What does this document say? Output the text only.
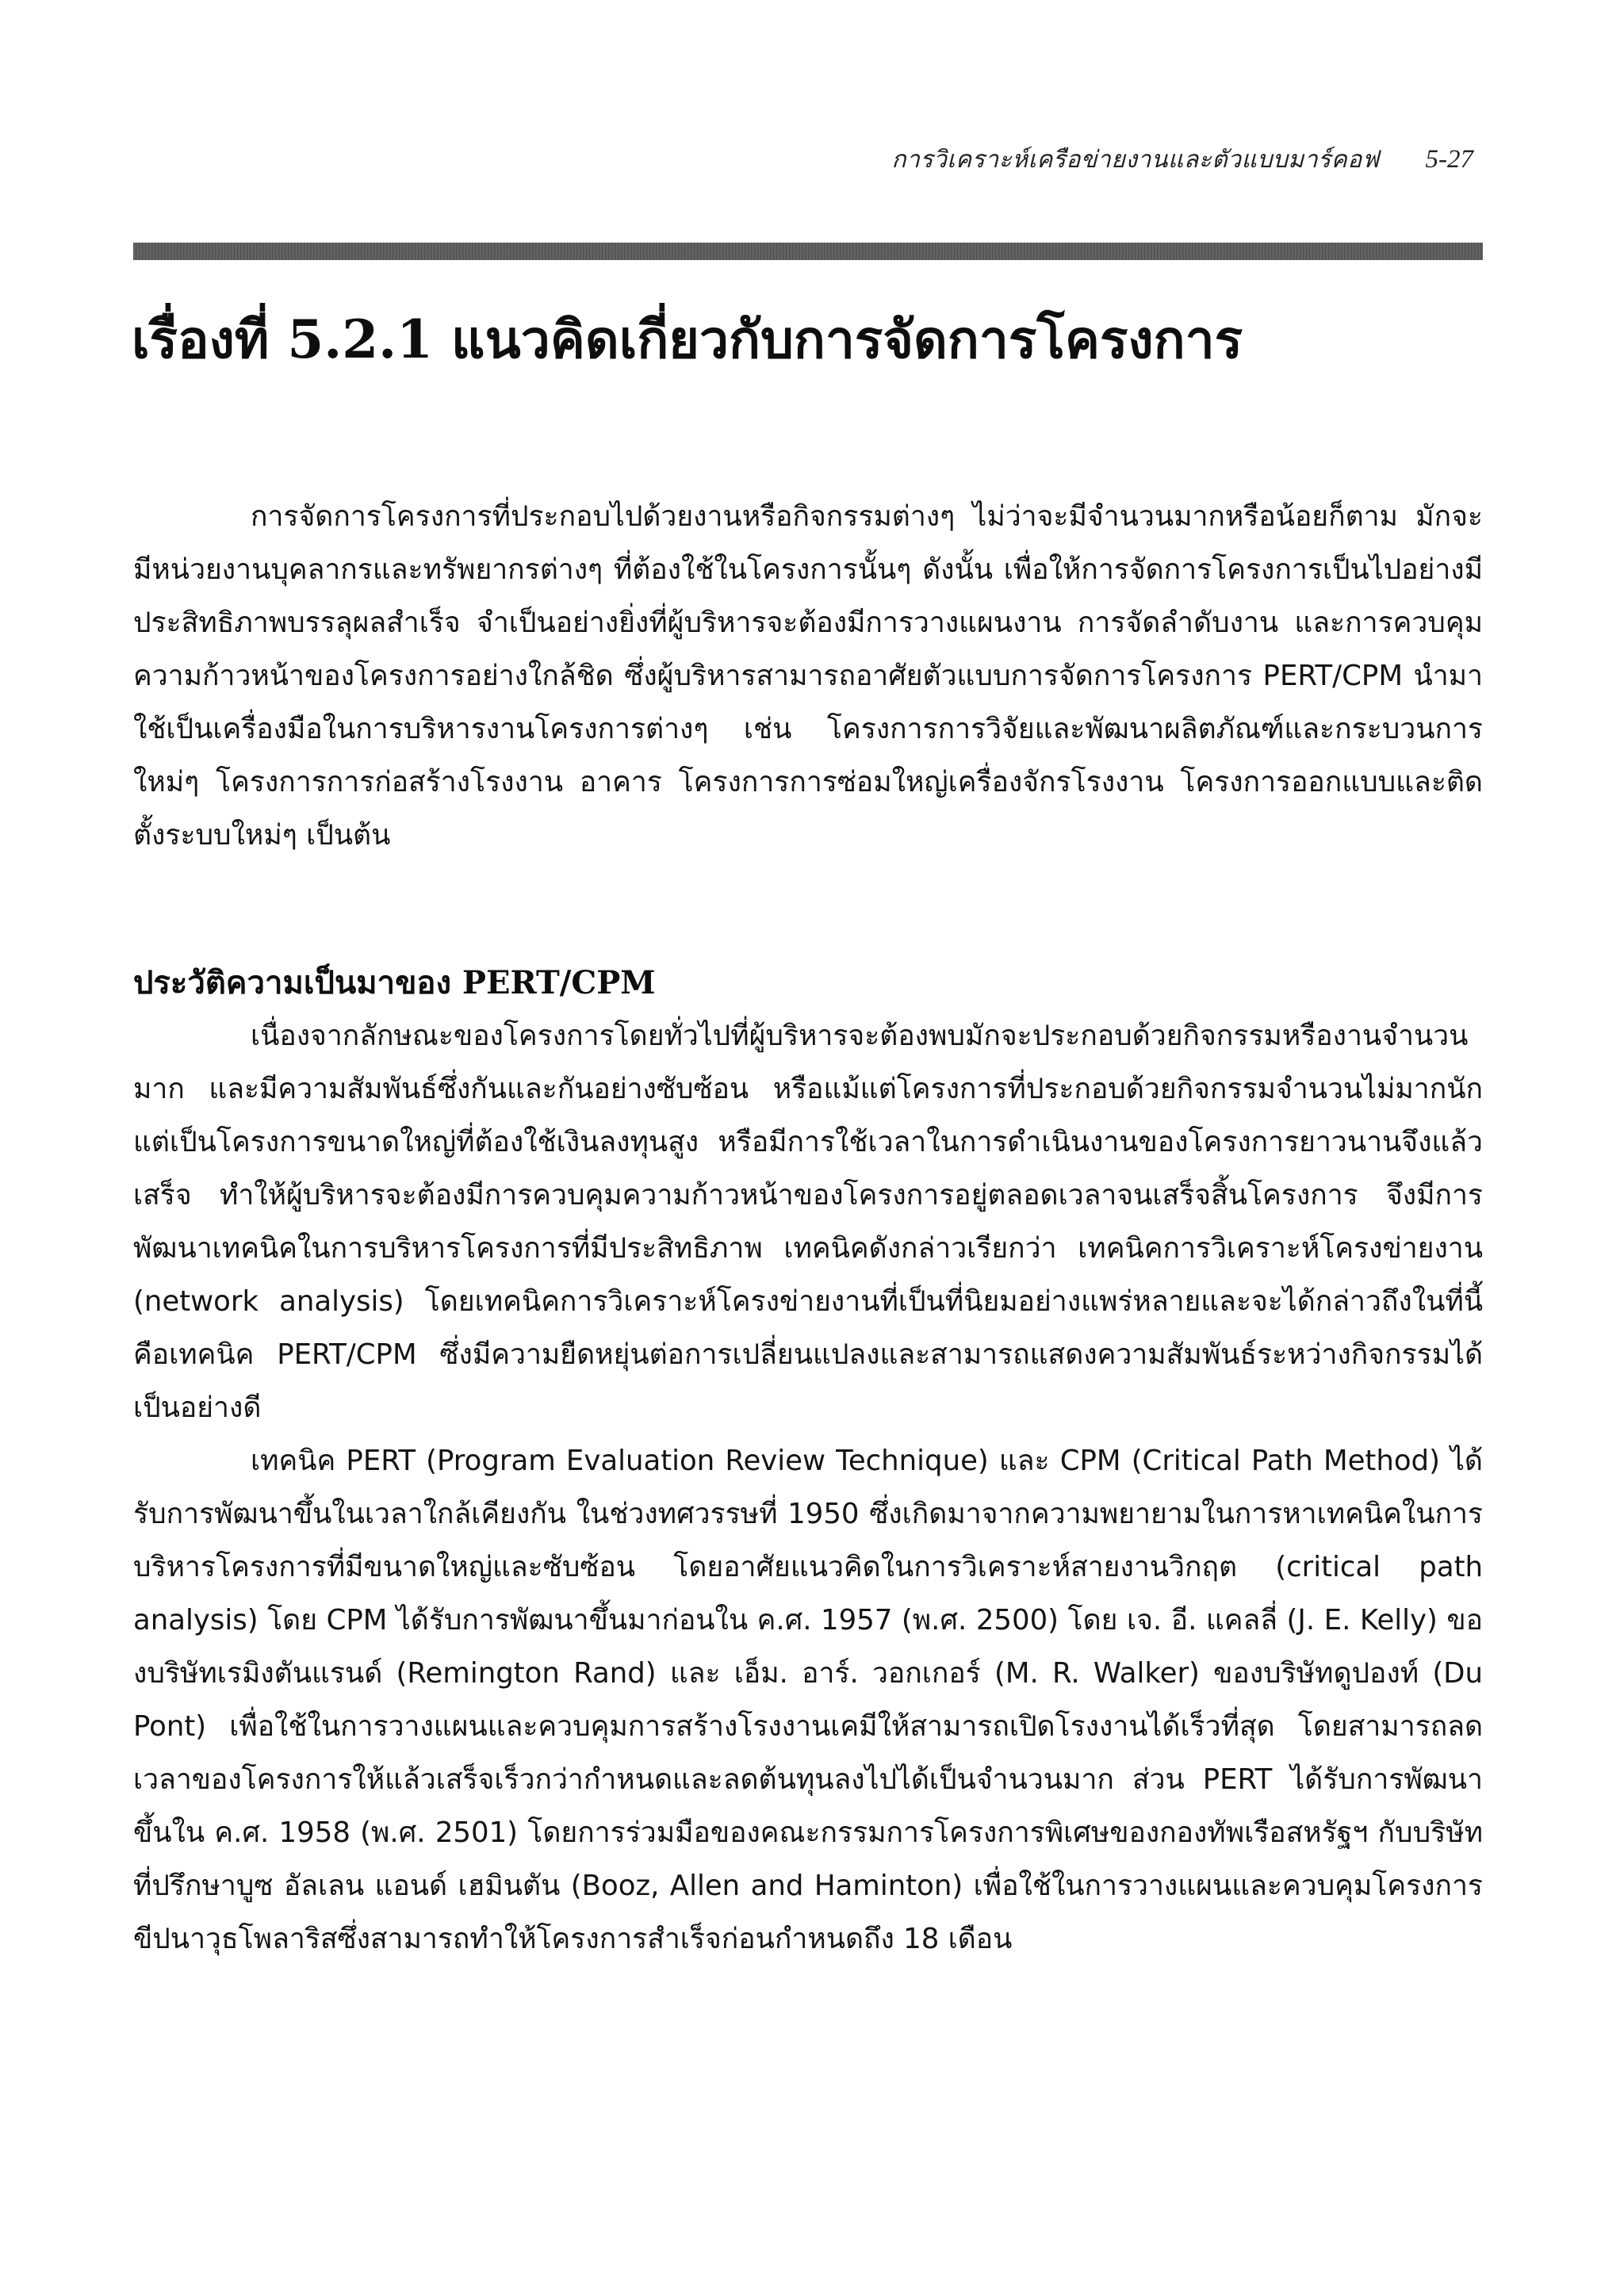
การวิเคราะห์เครือข่ายงานและตัวแบบมาร์คอฟ 5-27
เรื่องที่ 5.2.1 แนวคิดเกี่ยวกับการจัดการโครงการ

การจัดการโครงการที่ประกอบไปด้วยงานหรือกิจกรรมต่างๆ ไม่ว่าจะมีจำนวนมากหรือน้อยก็ตาม มักจะมีหน่วยงานบุคลากรและทรัพยากรต่างๆ ที่ต้องใช้ในโครงการนั้นๆ ดังนั้น เพื่อให้การจัดการโครงการเป็นไปอย่างมีประสิทธิภาพบรรลุผลสำเร็จ จำเป็นอย่างยิ่งที่ผู้บริหารจะต้องมีการวางแผนงาน การจัดลำดับงาน และการควบคุมความก้าวหน้าของโครงการอย่างใกล้ชิด ซึ่งผู้บริหารสามารถอาศัยตัวแบบการจัดการโครงการ PERT/CPM นำมาใช้เป็นเครื่องมือในการบริหารงานโครงการต่างๆ เช่น โครงการการวิจัยและพัฒนาผลิตภัณฑ์และกระบวนการใหม่ๆ โครงการการก่อสร้างโรงงาน อาคาร โครงการการซ่อมใหญ่เครื่องจักรโรงงาน โครงการออกแบบและติดตั้งระบบใหม่ๆ เป็นต้น

ประวัติความเป็นมาของ PERT/CPM

เนื่องจากลักษณะของโครงการโดยทั่วไปที่ผู้บริหารจะต้องพบมักจะประกอบด้วยกิจกรรมหรืองานจำนวนมาก และมีความสัมพันธ์ซึ่งกันและกันอย่างซับซ้อน หรือแม้แต่โครงการที่ประกอบด้วยกิจกรรมจำนวนไม่มากนักแต่เป็นโครงการขนาดใหญ่ที่ต้องใช้เงินลงทุนสูง หรือมีการใช้เวลาในการดำเนินงานของโครงการยาวนานจึงแล้วเสร็จ ทำให้ผู้บริหารจะต้องมีการควบคุมความก้าวหน้าของโครงการอยู่ตลอดเวลาจนเสร็จสิ้นโครงการ จึงมีการพัฒนาเทคนิคในการบริหารโครงการที่มีประสิทธิภาพ เทคนิคดังกล่าวเรียกว่า เทคนิคการวิเคราะห์โครงข่ายงาน (network analysis) โดยเทคนิคการวิเคราะห์โครงข่ายงานที่เป็นที่นิยมอย่างแพร่หลายและจะได้กล่าวถึงในที่นี้คือเทคนิค PERT/CPM ซึ่งมีความยืดหยุ่นต่อการเปลี่ยนแปลงและสามารถแสดงความสัมพันธ์ระหว่างกิจกรรมได้เป็นอย่างดี

เทคนิค PERT (Program Evaluation Review Technique) และ CPM (Critical Path Method) ได้รับการพัฒนาขึ้นในเวลาใกล้เคียงกัน ในช่วงทศวรรษที่ 1950 ซึ่งเกิดมาจากความพยายามในการหาเทคนิคในการบริหารโครงการที่มีขนาดใหญ่และซับซ้อน โดยอาศัยแนวคิดในการวิเคราะห์สายงานวิกฤต (critical path analysis) โดย CPM ได้รับการพัฒนาขึ้นมาก่อนใน ค.ศ. 1957 (พ.ศ. 2500) โดย เจ. อี. แคลลี่ (J. E. Kelly) ของบริษัทเรมิงตันแรนด์ (Remington Rand) และ เอ็ม. อาร์. วอกเกอร์ (M. R. Walker) ของบริษัทดูปองท์ (Du Pont) เพื่อใช้ในการวางแผนและควบคุมการสร้างโรงงานเคมีให้สามารถเปิดโรงงานได้เร็วที่สุด โดยสามารถลดเวลาของโครงการให้แล้วเสร็จเร็วกว่ากำหนดและลดต้นทุนลงไปได้เป็นจำนวนมาก ส่วน PERT ได้รับการพัฒนาขึ้นใน ค.ศ. 1958 (พ.ศ. 2501) โดยการร่วมมือของคณะกรรมการโครงการพิเศษของกองทัพเรือสหรัฐฯ กับบริษัทที่ปรึกษาบูซ อัลเลน แอนด์ เฮมินตัน (Booz, Allen and Haminton) เพื่อใช้ในการวางแผนและควบคุมโครงการขีปนาวุธโพลาริสซึ่งสามารถทำให้โครงการสำเร็จก่อนกำหนดถึง 18 เดือน
